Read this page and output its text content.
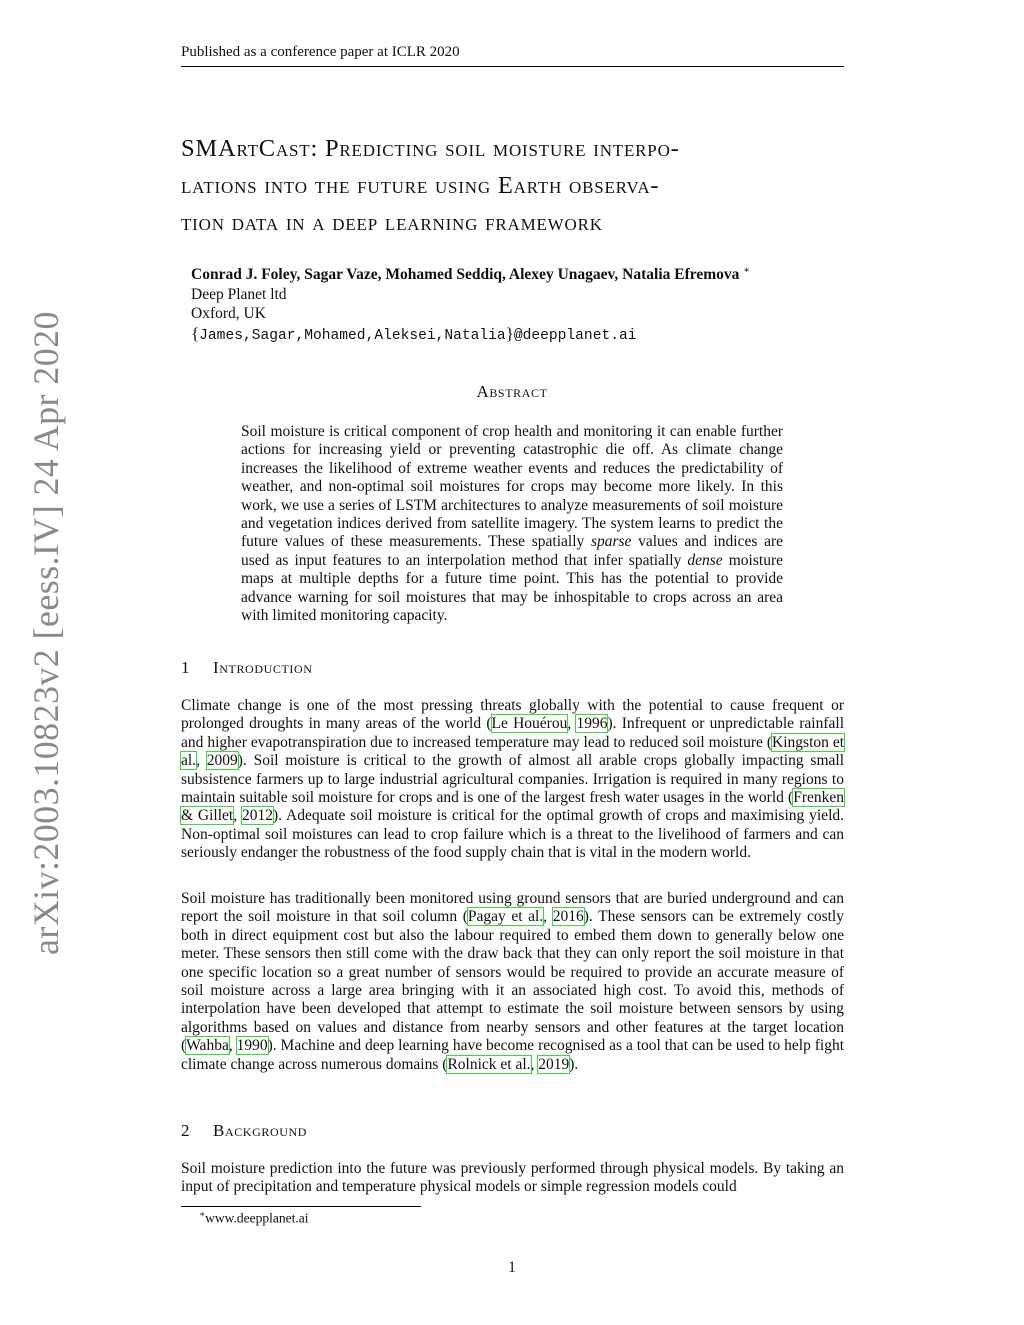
Published as a conference paper at ICLR 2020
SMArtCast: Predicting soil moisture interpo-
lations into the future using Earth observa-
tion data in a deep learning framework
Conrad J. Foley, Sagar Vaze, Mohamed Seddiq, Alexey Unagaev, Natalia Efremova ∗
Deep Planet ltd
Oxford, UK
{James,Sagar,Mohamed,Aleksei,Natalia}@deepplanet.ai
arXiv:2003.10823v2 [eess.IV] 24 Apr 2020	Abstract
Soil moisture is critical component of crop health and monitoring it can enable further actions for increasing yield or preventing catastrophic die off. As climate change increases the likelihood of extreme weather events and reduces the predictability of weather, and non-optimal soil moistures for crops may become more likely. In this work, we use a series of LSTM architectures to analyze measurements of soil moisture and vegetation indices derived from satellite imagery. The system learns to predict the future values of these measurements. These spatially sparse values and indices are used as input features to an interpolation method that infer spatially dense moisture maps at multiple depths for a future time point. This has the potential to provide advance warning for soil moistures that may be inhospitable to crops across an area with limited monitoring capacity.
1 Introduction
Climate change is one of the most pressing threats globally with the potential to cause frequent or prolonged droughts in many areas of the world (Le Houérou, 1996). Infrequent or unpredictable rainfall and higher evapotranspiration due to increased temperature may lead to reduced soil moisture (Kingston et al., 2009). Soil moisture is critical to the growth of almost all arable crops globally impacting small subsistence farmers up to large industrial agricultural companies. Irrigation is required in many regions to maintain suitable soil moisture for crops and is one of the largest fresh water usages in the world (Frenken & Gillet, 2012). Adequate soil moisture is critical for the optimal growth of crops and maximising yield. Non-optimal soil moistures can lead to crop failure which is a threat to the livelihood of farmers and can seriously endanger the robustness of the food supply chain that is vital in the modern world.
Soil moisture has traditionally been monitored using ground sensors that are buried underground and can report the soil moisture in that soil column (Pagay et al., 2016). These sensors can be extremely costly both in direct equipment cost but also the labour required to embed them down to generally below one meter. These sensors then still come with the draw back that they can only report the soil moisture in that one specific location so a great number of sensors would be required to provide an accurate measure of soil moisture across a large area bringing with it an associated high cost. To avoid this, methods of interpolation have been developed that attempt to estimate the soil moisture between sensors by using algorithms based on values and distance from nearby sensors and other features at the target location (Wahba, 1990). Machine and deep learning have become recognised as a tool that can be used to help fight climate change across numerous domains (Rolnick et al., 2019).
2 Background
Soil moisture prediction into the future was previously performed through physical models. By taking an input of precipitation and temperature physical models or simple regression models could
∗www.deepplanet.ai
1
